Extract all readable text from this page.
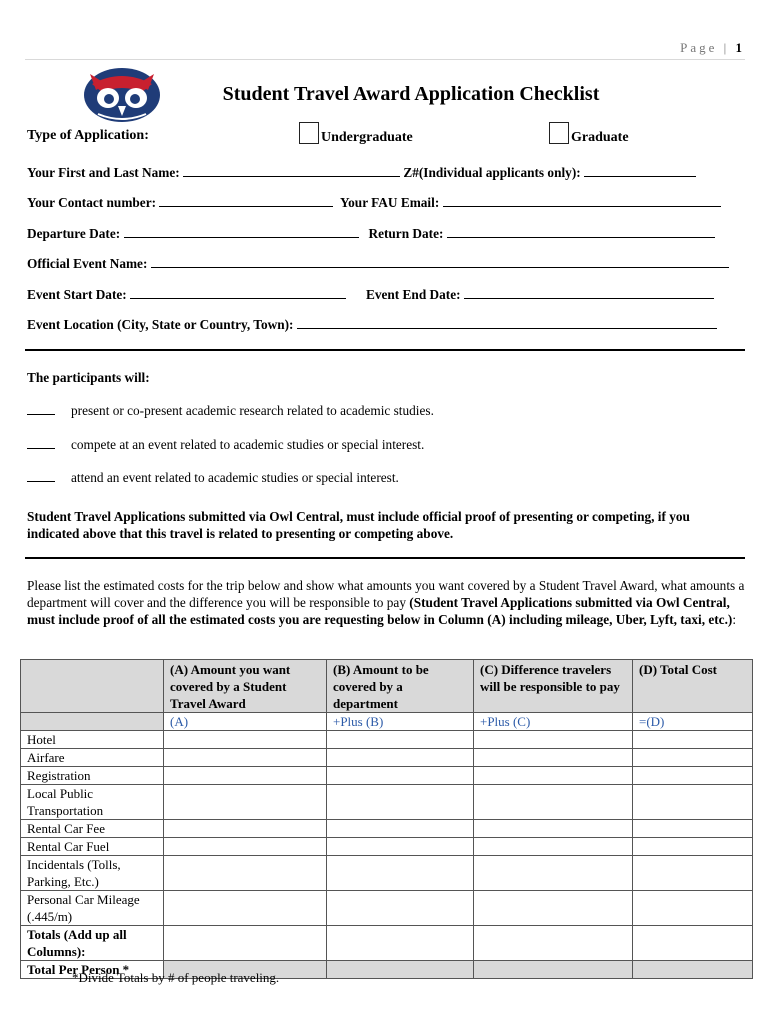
Page | 1
Student Travel Award Application Checklist
Type of Application:	Undergraduate	Graduate
Your First and Last Name:	Z#(Individual applicants only):
Your Contact number:	Your FAU Email:
Departure Date:	Return Date:
Official Event Name:
Event Start Date:	Event End Date:
Event Location (City, State or Country, Town):
The participants will:
present or co-present academic research related to academic studies.
compete at an event related to academic studies or special interest.
attend an event related to academic studies or special interest.
Student Travel Applications submitted via Owl Central, must include official proof of presenting or competing, if you indicated above that this travel is related to presenting or competing above.
Please list the estimated costs for the trip below and show what amounts you want covered by a Student Travel Award, what amounts a department will cover and the difference you will be responsible to pay (Student Travel Applications submitted via Owl Central, must include proof of all the estimated costs you are requesting below in Column (A) including mileage, Uber, Lyft, taxi, etc.):
	(A) Amount you want covered by a Student Travel Award	(B) Amount to be covered by a department	(C) Difference travelers will be responsible to pay	(D) Total Cost
	(A)	+Plus (B)	+Plus (C)	=(D)
Hotel				
Airfare				
Registration				
Local Public Transportation				
Rental Car Fee				
Rental Car Fuel				
Incidentals (Tolls, Parking, Etc.)				
Personal Car Mileage (.445/m)				
Totals (Add up all Columns):				
Total Per Person *				
*Divide Totals by # of people traveling.
